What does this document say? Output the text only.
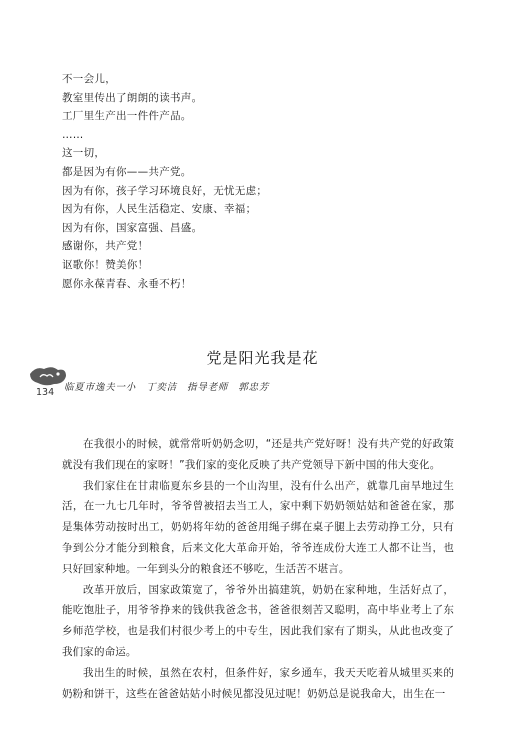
不一会儿，
教室里传出了朗朗的读书声。
工厂里生产出一件件产品。
……
这一切，
都是因为有你——共产党。
因为有你，孩子学习环境良好，无忧无虑；
因为有你，人民生活稳定、安康、幸福；
因为有你，国家富强、昌盛。
感谢你，共产党！
讴歌你！赞美你！
愿你永葆青春、永垂不朽！
党是阳光我是花
134 临夏市逸夫一小 丁奕洁 指导老师 郭忠芳

在我很小的时候，就常常听奶奶念叨，“还是共产党好呀！没有共产党的好政策就没有我们现在的家呀！”我们家的变化反映了共产党领导下新中国的伟大变化。

我们家住在甘肃临夏东乡县的一个山沟里，没有什么出产，就靠几亩旱地过生活，在一九七几年时，爷爷曾被招去当工人，家中剩下奶奶领姑姑和爸爸在家，那是集体劳动按时出工，奶奶将年幼的爸爸用绳子绑在桌子腿上去劳动挣工分，只有争到公分才能分到粮食，后来文化大革命开始，爷爷连成份大连工人都不让当，也只好回家种地。一年到头分的粮食还不够吃，生活苦不堪言。

改革开放后，国家政策宽了，爷爷外出搞建筑，奶奶在家种地，生活好点了，能吃饱肚子，用爷爷挣来的钱供我爸念书，爸爸很刻苦又聪明，高中毕业考上了东乡师范学校，也是我们村很少考上的中专生，因此我们家有了期头，从此也改变了我们家的命运。

我出生的时候，虽然在农村，但条件好，家乡通车，我天天吃着从城里买来的奶粉和饼干，这些在爸爸姑姑小时候见都没见过呢！奶奶总是说我命大，出生在一
